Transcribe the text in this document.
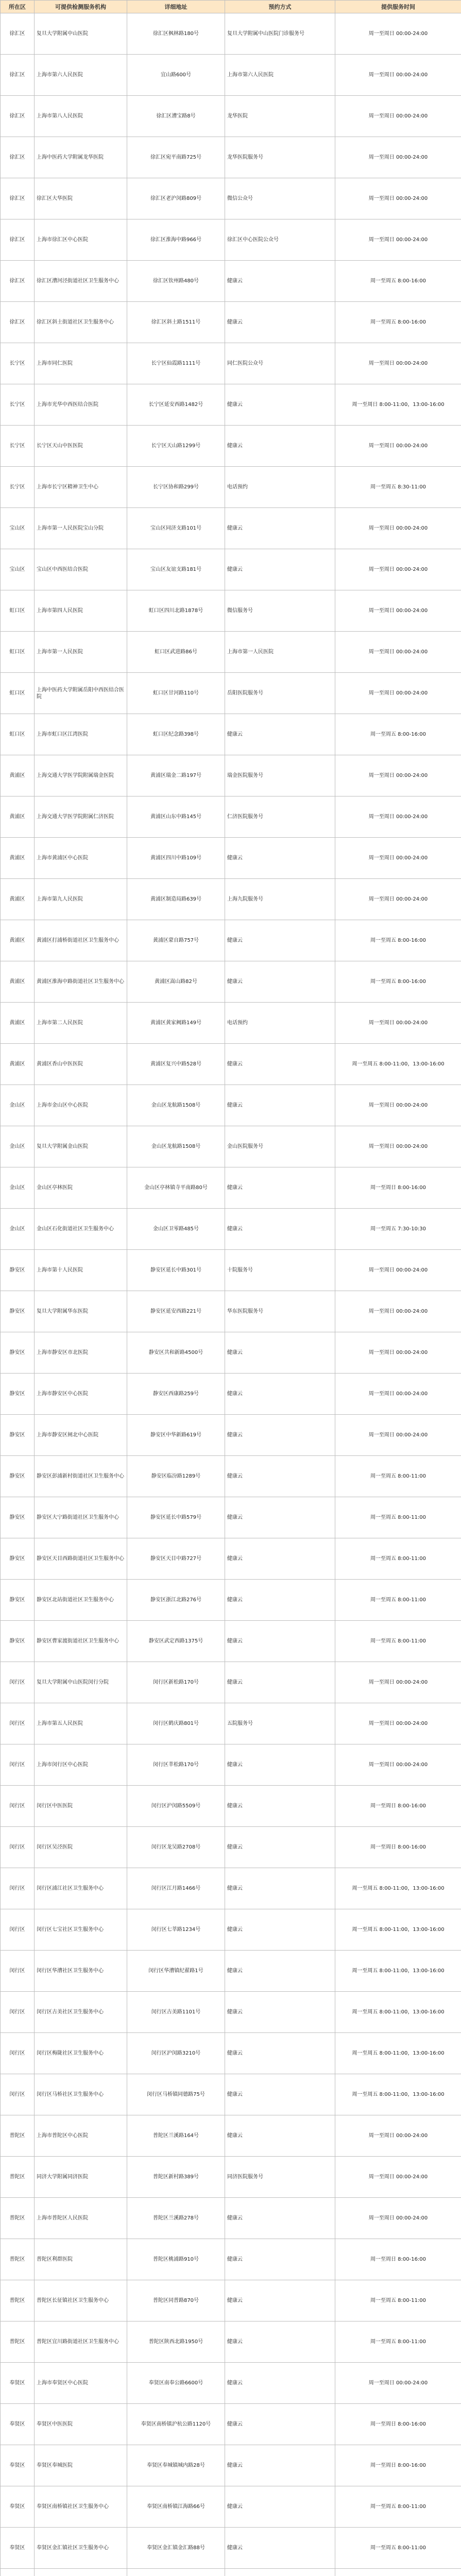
所在区	可提供检测服务机构	详细地址	预约方式	提供服务时间
徐汇区	复旦大学附属中山医院	徐汇区枫林路180号	复旦大学附属中山医院门诊服务号	周一至周日 00:00-24:00
徐汇区	上海市第六人民医院	宜山路600号	上海市第六人民医院	周一至周日 00:00-24:00
徐汇区	上海市第八人民医院	徐汇区漕宝路8号	龙华医院	周一至周日 00:00-24:00
徐汇区	上海中医药大学附属龙华医院	徐汇区宛平南路725号	龙华医院服务号	周一至周日 00:00-24:00
徐汇区	徐汇区大华医院	徐汇区老沪闵路809号	微信公众号	周一至周日 00:00-24:00
徐汇区	上海市徐汇区中心医院	徐汇区淮海中路966号	徐汇区中心医院公众号	周一至周日 00:00-24:00
徐汇区	徐汇区漕河泾街道社区卫生服务中心	徐汇区钦州路480号	健康云	周一至周五 8:00-16:00
徐汇区	徐汇区斜土街道社区卫生服务中心	徐汇区斜土路1511号	健康云	周一至周五 8:00-16:00
长宁区	上海市同仁医院	长宁区仙霞路1111号	同仁医院公众号	周一至周日 00:00-24:00
长宁区	上海市光华中西医结合医院	长宁区延安西路1482号	健康云	周一至周日 8:00-11:00，13:00-16:00
长宁区	长宁区天山中医医院	长宁区天山路1299号	健康云	周一至周日 00:00-24:00
长宁区	上海市长宁区精神卫生中心	长宁区协和路299号	电话预约	周一至周五 8:30-11:00
宝山区	上海市第一人民医院宝山分院	宝山区同济支路101号	健康云	周一至周日 00:00-24:00
宝山区	宝山区中西医结合医院	宝山区友谊支路181号	健康云	周一至周日 00:00-24:00
虹口区	上海市第四人民医院	虹口区四川北路1878号	微信服务号	周一至周日 00:00-24:00
虹口区	上海市第一人民医院	虹口区武进路86号	上海市第一人民医院	周一至周日 00:00-24:00
虹口区	上海中医药大学附属岳阳中西医结合医院	虹口区甘河路110号	岳阳医院服务号	周一至周日 00:00-24:00
虹口区	上海市虹口区江湾医院	虹口区纪念路398号	健康云	周一至周五 8:00-16:00
黄浦区	上海交通大学医学院附属瑞金医院	黄浦区瑞金二路197号	瑞金医院服务号	周一至周日 00:00-24:00
黄浦区	上海交通大学医学院附属仁济医院	黄浦区山东中路145号	仁济医院服务号	周一至周日 00:00-24:00
黄浦区	上海市黄浦区中心医院	黄浦区四川中路109号	健康云	周一至周日 00:00-24:00
黄浦区	上海市第九人民医院	黄浦区制造局路639号	上海九院服务号	周一至周日 00:00-24:00
黄浦区	黄浦区打浦桥街道社区卫生服务中心	黄浦区蒙自路757号	健康云	周一至周五 8:00-16:00
黄浦区	黄浦区淮海中路街道社区卫生服务中心	黄浦区嵩山路82号	健康云	周一至周五 8:00-16:00
黄浦区	上海市第二人民医院	黄浦区黄家阙路149号	电话预约	周一至周日 00:00-24:00
黄浦区	黄浦区香山中医医院	黄浦区复兴中路528号	健康云	周一至周五 8:00-11:00，13:00-16:00
金山区	上海市金山区中心医院	金山区龙航路1508号	健康云	周一至周日 00:00-24:00
金山区	复旦大学附属金山医院	金山区龙航路1508号	金山医院服务号	周一至周日 00:00-24:00
金山区	金山区亭林医院	金山区亭林镇寺平南路80号	健康云	周一至周日 8:00-16:00
金山区	金山区石化街道社区卫生服务中心	金山区卫零路485号	健康云	周一至周五 7:30-10:30
静安区	上海市第十人民医院	静安区延长中路301号	十院服务号	周一至周日 00:00-24:00
静安区	复旦大学附属华东医院	静安区延安西路221号	华东医院服务号	周一至周日 00:00-24:00
静安区	上海市静安区市北医院	静安区共和新路4500号	健康云	周一至周日 00:00-24:00
静安区	上海市静安区中心医院	静安区西康路259号	健康云	周一至周日 00:00-24:00
静安区	上海市静安区闸北中心医院	静安区中华新路619号	健康云	周一至周日 00:00-24:00
静安区	静安区彭浦新村街道社区卫生服务中心	静安区临汾路1289号	健康云	周一至周五 8:00-11:00
静安区	静安区大宁路街道社区卫生服务中心	静安区延长中路579号	健康云	周一至周五 8:00-11:00
静安区	静安区天目西路街道社区卫生服务中心	静安区天目中路727号	健康云	周一至周五 8:00-11:00
静安区	静安区北站街道社区卫生服务中心	静安区浙江北路276号	健康云	周一至周五 8:00-11:00
静安区	静安区曹家渡街道社区卫生服务中心	静安区武定西路1375号	健康云	周一至周五 8:00-11:00
闵行区	复旦大学附属中山医院闵行分院	闵行区新松路170号	健康云	周一至周日 00:00-24:00
闵行区	上海市第五人民医院	闵行区鹤庆路801号	五院服务号	周一至周日 00:00-24:00
闵行区	上海市闵行区中心医院	闵行区莘松路170号	健康云	周一至周日 00:00-24:00
闵行区	闵行区中医医院	闵行区沪闵路5509号	健康云	周一至周日 8:00-16:00
闵行区	闵行区吴泾医院	闵行区龙吴路2708号	健康云	周一至周日 8:00-16:00
闵行区	闵行区浦江社区卫生服务中心	闵行区江月路1466号	健康云	周一至周五 8:00-11:00，13:00-16:00
闵行区	闵行区七宝社区卫生服务中心	闵行区七莘路1234号	健康云	周一至周五 8:00-11:00，13:00-16:00
闵行区	闵行区华漕社区卫生服务中心	闵行区华漕镇纪翟路1号	健康云	周一至周五 8:00-11:00，13:00-16:00
闵行区	闵行区古美社区卫生服务中心	闵行区古美路1101号	健康云	周一至周五 8:00-11:00，13:00-16:00
闵行区	闵行区梅陇社区卫生服务中心	闵行区沪闵路3210号	健康云	周一至周五 8:00-11:00，13:00-16:00
闵行区	闵行区马桥社区卫生服务中心	闵行区马桥镇同德路75号	健康云	周一至周五 8:00-11:00，13:00-16:00
普陀区	上海市普陀区中心医院	普陀区兰溪路164号	健康云	周一至周日 00:00-24:00
普陀区	同济大学附属同济医院	普陀区新村路389号	同济医院服务号	周一至周日 00:00-24:00
普陀区	上海市普陀区人民医院	普陀区兰溪路278号	健康云	周一至周日 00:00-24:00
普陀区	普陀区利群医院	普陀区桃浦路910号	健康云	周一至周日 8:00-16:00
普陀区	普陀区长征镇社区卫生服务中心	普陀区同普路870号	健康云	周一至周五 8:00-11:00
普陀区	普陀区宜川路街道社区卫生服务中心	普陀区陕西北路1950号	健康云	周一至周五 8:00-11:00
奉贤区	上海市奉贤区中心医院	奉贤区南奉公路6600号	健康云	周一至周日 00:00-24:00
奉贤区	奉贤区中医医院	奉贤区南桥镇沪杭公路1120号	健康云	周一至周日 8:00-16:00
奉贤区	奉贤区奉城医院	奉贤区奉城镇城内路28号	健康云	周一至周日 8:00-16:00
奉贤区	奉贤区南桥镇社区卫生服务中心	奉贤区南桥镇江海路66号	健康云	周一至周五 8:00-11:00
奉贤区	奉贤区金汇镇社区卫生服务中心	奉贤区金汇镇金汇路88号	健康云	周一至周五 8:00-11:00
